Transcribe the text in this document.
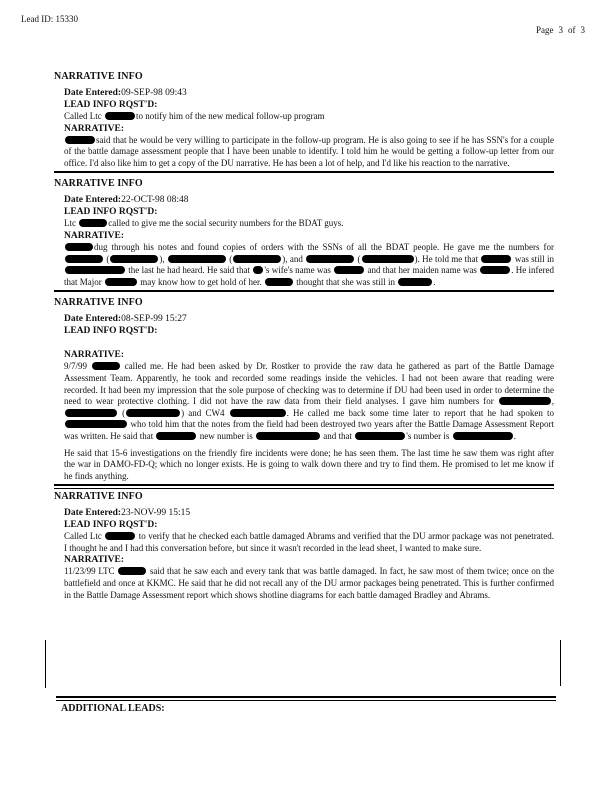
Lead ID: 15330
Page 3 of 3
NARRATIVE INFO
Date Entered:09-SEP-98 09:43
LEAD INFO RQST'D:
Called Ltc	to notify him of the new medical follow-up program
NARRATIVE:
said that he would be very willing to participate in the follow-up program. He is also going to see if he has SSN's for a couple of the battle damage assessment people that I have been unable to identify. I told him he would be getting a follow-up letter from our office. I'd also like him to get a copy of the DU narrative. He has been a lot of help, and I'd like his reaction to the narrative.
NARRATIVE INFO
Date Entered:22-OCT-98 08:48
LEAD INFO RQST'D:
Ltc	called to give me the social security numbers for the BDAT guys.
NARRATIVE:
dug through his notes and found copies of orders with the SSNs of all the BDAT people. He gave me the numbers for  (	),	(	), and	(	). He told me that	was still in  the last he had heard. He said that 's wife's name was	and that her maiden name was	. He infered that Major	may know how to get hold of her.	thought that she was still in	.
NARRATIVE INFO
Date Entered:08-SEP-99 15:27
LEAD INFO RQST'D:
NARRATIVE:
9/7/99	called me. He had been asked by Dr. Rostker to provide the raw data he gathered as part of the Battle Damage Assessment Team. Apparently, he took and recorded some readings inside the vehicles. I had not been aware that reading were recorded. It had been my impression that the sole purpose of checking was to determine if DU had been used in order to determine the need to wear protective clothing. I did not have the raw data from their field analyses. I gave him numbers for	,  (	) and CW4	. He called me back some time later to report that he had spoken to  who told him that the notes from the field had been destroyed two years after the Battle Damage Assessment Report was written. He said that	new number is	and that	's number is	.
He said that 15-6 investigations on the friendly fire incidents were done; he has seen them. The last time he saw them was right after the war in DAMO-FD-Q; which no longer exists. He is going to walk down there and try to find them. He promised to let me know if he finds anything.
NARRATIVE INFO
Date Entered:23-NOV-99 15:15
LEAD INFO RQST'D:
Called Ltc	to verify that he checked each battle damaged Abrams and verified that the DU armor package was not penetrated. I thought he and I had this conversation before, but since it wasn't recorded in the lead sheet, I wanted to make sure.
NARRATIVE:
11/23/99 LTC	said that he saw each and every tank that was battle damaged. In fact, he saw most of them twice; once on the battlefield and once at KKMC. He said that he did not recall any of the DU armor packages being penetrated. This is further confirmed in the Battle Damage Assessment report which shows shotline diagrams for each battle damaged Bradley and Abrams.
ADDITIONAL LEADS:
